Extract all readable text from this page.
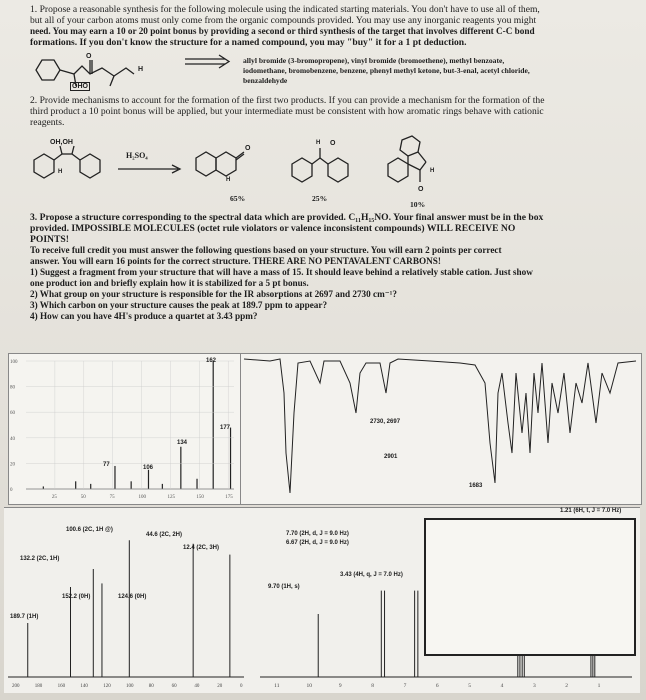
1. Propose a reasonable synthesis for the following molecule using the indicated starting materials. You don't have to use all of them,
but all of your carbon atoms must only come from the organic compounds provided. You may use any inorganic reagents you might
need. You may earn a 10 or 20 point bonus by providing a second or third synthesis of the target that involves different C-C bond
formations. If you don't know the structure for a named compound, you may "buy" it for a 1 pt deduction.
O
H
OHO
allyl bromide (3-bromopropene), vinyl bromide (bromoethene), methyl benzoate,
iodomethane, bromobenzene, benzene, phenyl methyl ketone, but-3-enal, acetyl chloride,
benzaldehyde
2. Provide mechanisms to account for the formation of the first two products. If you can provide a mechanism for the formation of the
third product a 10 point bonus will be applied, but your intermediate must be consistent with how aromatic rings behave with cationic
reagents.
OH,OH
H
H₂SO₄
O
H
H O
H
O
65%	25%
10%
3. Propose a structure corresponding to the spectral data which are provided. C₁₁H₁₅NO. Your final answer must be in the box
provided. IMPOSSIBLE MOLECULES (octet rule violators or valence inconsistent compounds) WILL RECEIVE NO
POINTS!
To receive full credit you must answer the following questions based on your structure. You will earn 2 points per correct
answer. You will earn 16 points for the correct structure. THERE ARE NO PENTAVALENT CARBONS!
1) Suggest a fragment from your structure that will have a mass of 15. It should leave behind a relatively stable cation. Just show
one product ion and briefly explain how it is stabilized for a 5 pt bonus.
2) What group on your structure is responsible for the IR absorptions at 2697 and 2730 cm⁻¹?
3) Which carbon on your structure causes the peak at 189.7 ppm to appear?
4) How can you have 4H's produce a quartet at 3.43 ppm?
100
80
60
40
20
0
25	50	75	100	125	150	175
162
177
134
106
77
2730, 2697
2901
1683
200	180	160	140	120	100	80	60	40	20	0
100.6 (2C, 1H @)
44.6 (2C, 2H)
12.4 (2C, 3H)
132.2 (2C, 1H)
152.2 (0H)	124.6 (0H)
189.7 (1H)
11	10	9	8	7	6	5	4	3	2	1
1.21 (6H, t, J = 7.0 Hz)
7.70 (2H, d, J = 9.0 Hz)
6.67 (2H, d, J = 9.0 Hz)
3.43 (4H, q, J = 7.0 Hz)
9.70 (1H, s)
